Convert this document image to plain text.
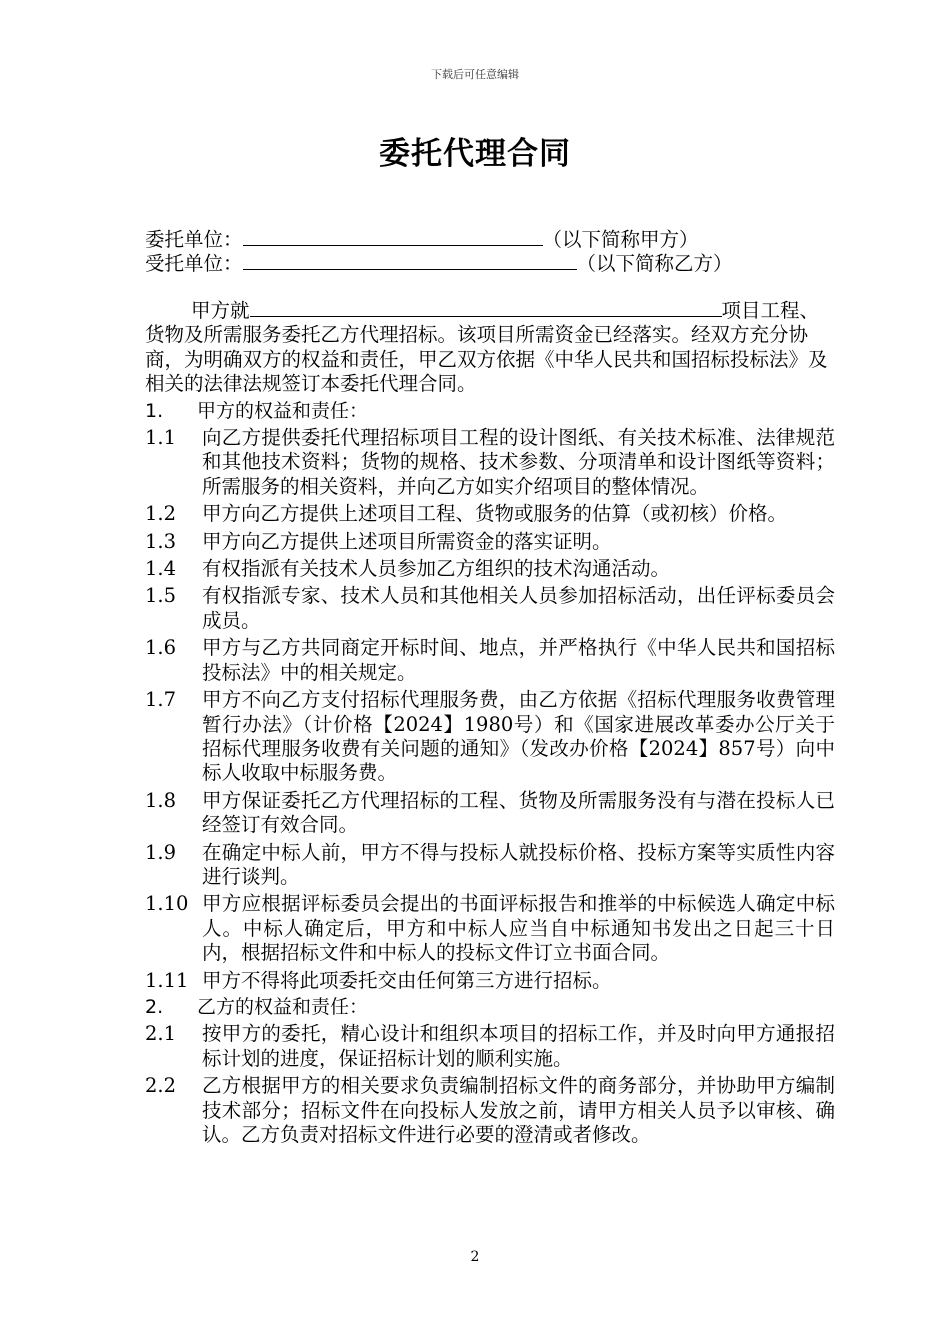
下载后可任意编辑
委托代理合同
委托单位：	（以下简称甲方）
受托单位：	（以下简称乙方）
甲方就	项目工程、货物及所需服务委托乙方代理招标。该项目所需资金已经落实。经双方充分协商，为明确双方的权益和责任，甲乙双方依据《中华人民共和国招标投标法》及相关的法律法规签订本委托代理合同。
1.	甲方的权益和责任：
1.1	向乙方提供委托代理招标项目工程的设计图纸、有关技术标准、法律规范和其他技术资料；货物的规格、技术参数、分项清单和设计图纸等资料；所需服务的相关资料，并向乙方如实介绍项目的整体情况。
1.2	甲方向乙方提供上述项目工程、货物或服务的估算（或初核）价格。
1.3	甲方向乙方提供上述项目所需资金的落实证明。
1.4	有权指派有关技术人员参加乙方组织的技术沟通活动。
1.5	有权指派专家、技术人员和其他相关人员参加招标活动，出任评标委员会成员。
1.6	甲方与乙方共同商定开标时间、地点，并严格执行《中华人民共和国招标投标法》中的相关规定。
1.7	甲方不向乙方支付招标代理服务费，由乙方依据《招标代理服务收费管理暂行办法》（计价格【2024】1980号）和《国家进展改革委办公厅关于招标代理服务收费有关问题的通知》（发改办价格【2024】857号）向中标人收取中标服务费。
1.8	甲方保证委托乙方代理招标的工程、货物及所需服务没有与潜在投标人已经签订有效合同。
1.9	在确定中标人前，甲方不得与投标人就投标价格、投标方案等实质性内容进行谈判。
1.10 甲方应根据评标委员会提出的书面评标报告和推举的中标候选人确定中标人。中标人确定后，甲方和中标人应当自中标通知书发出之日起三十日内，根据招标文件和中标人的投标文件订立书面合同。
1.11 甲方不得将此项委托交由任何第三方进行招标。
2.	乙方的权益和责任：
2.1	按甲方的委托，精心设计和组织本项目的招标工作，并及时向甲方通报招标计划的进度，保证招标计划的顺利实施。
2.2	乙方根据甲方的相关要求负责编制招标文件的商务部分，并协助甲方编制技术部分；招标文件在向投标人发放之前，请甲方相关人员予以审核、确认。乙方负责对招标文件进行必要的澄清或者修改。
2
